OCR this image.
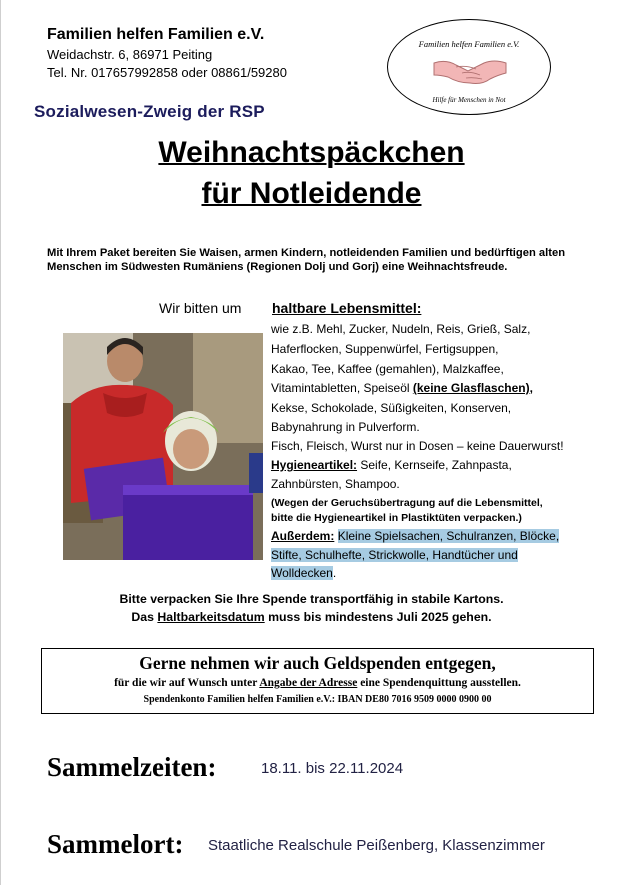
Familien helfen Familien e.V.
Weidachstr. 6, 86971 Peiting
Tel. Nr. 017657992858 oder 08861/59280
Familien helfen Familien e.V.
Hilfe für Menschen in Not
Sozialwesen-Zweig der RSP
Weihnachtspäckchen
für Notleidende
Mit Ihrem Paket bereiten Sie Waisen, armen Kindern, notleidenden Familien und bedürftigen alten Menschen im Südwesten Rumäniens (Regionen Dolj und Gorj) eine Weihnachtsfreude.
Wir bitten um haltbare Lebensmittel:
wie z.B. Mehl, Zucker, Nudeln, Reis, Grieß, Salz,
Haferflocken, Suppenwürfel, Fertigsuppen,
Kakao, Tee, Kaffee (gemahlen), Malzkaffee,
Vitamintabletten, Speiseöl (keine Glasflaschen),
Kekse, Schokolade, Süßigkeiten, Konserven,
Babynahrung in Pulverform.
Fisch, Fleisch, Wurst nur in Dosen – keine Dauerwurst!
Hygieneartikel: Seife, Kernseife, Zahnpasta,
Zahnbürsten, Shampoo.
(Wegen der Geruchsübertragung auf die Lebensmittel,
bitte die Hygieneartikel in Plastiktüten verpacken.)
Außerdem: Kleine Spielsachen, Schulranzen, Blöcke,
Stifte, Schulhefte, Strickwolle, Handtücher und
Wolldecken.
Bitte verpacken Sie Ihre Spende transportfähig in stabile Kartons.
Das Haltbarkeitsdatum muss bis mindestens Juli 2025 gehen.
Gerne nehmen wir auch Geldspenden entgegen,
für die wir auf Wunsch unter Angabe der Adresse eine Spendenquittung ausstellen.
Spendenkonto Familien helfen Familien e.V.: IBAN DE80 7016 9509 0000 0900 00
Sammelzeiten:	18.11. bis 22.11.2024
Sammelort: Staatliche Realschule Peißenberg, Klassenzimmer
